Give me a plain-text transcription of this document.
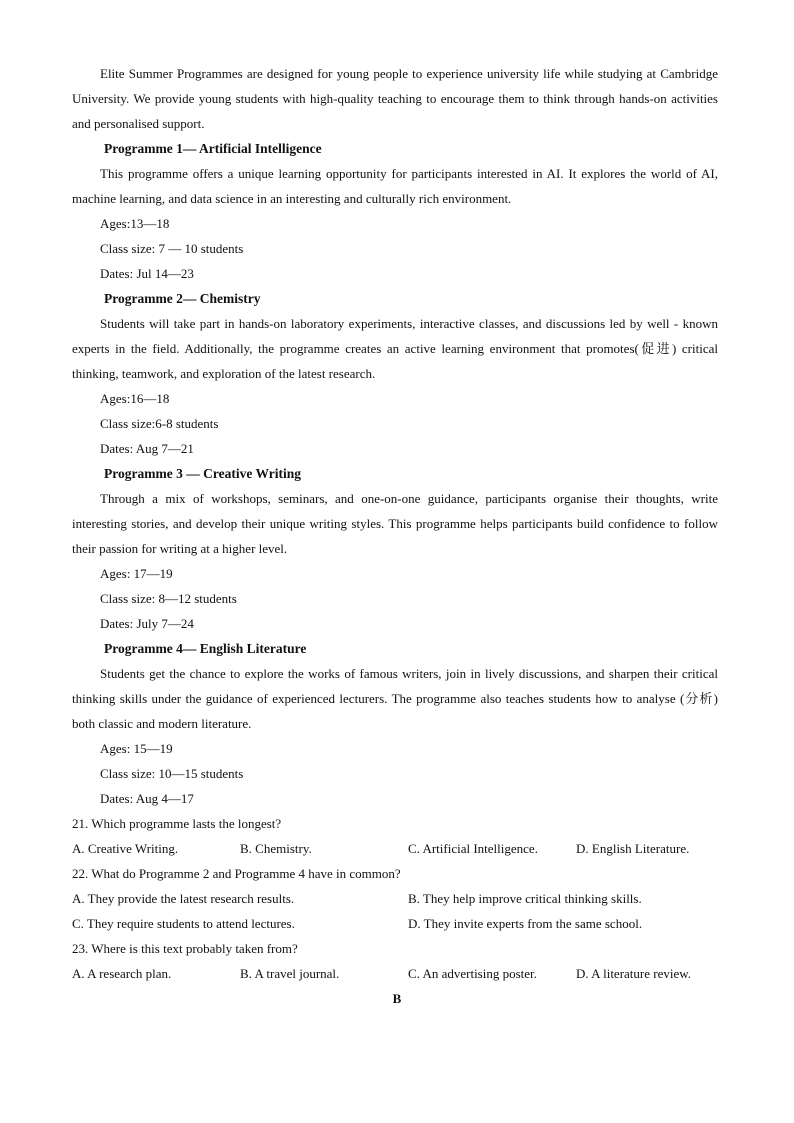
Elite Summer Programmes are designed for young people to experience university life while studying at Cambridge University. We provide young students with high-quality teaching to encourage them to think through hands-on activities and personalised support.

Programme 1— Artificial Intelligence

This programme offers a unique learning opportunity for participants interested in AI. It explores the world of AI, machine learning, and data science in an interesting and culturally rich environment.

Ages:13—18
Class size: 7 — 10 students
Dates: Jul 14—23
Programme 2— Chemistry

Students will take part in hands-on laboratory experiments, interactive classes, and discussions led by well - known experts in the field. Additionally, the programme creates an active learning environment that promotes(促进) critical thinking, teamwork, and exploration of the latest research.

Ages:16—18
Class size:6-8 students
Dates: Aug 7—21
Programme 3 — Creative Writing

Through a mix of workshops, seminars, and one-on-one guidance, participants organise their thoughts, write interesting stories, and develop their unique writing styles. This programme helps participants build confidence to follow their passion for writing at a higher level.

Ages: 17—19
Class size: 8—12 students
Dates: July 7—24
Programme 4— English Literature

Students get the chance to explore the works of famous writers, join in lively discussions, and sharpen their critical thinking skills under the guidance of experienced lecturers. The programme also teaches students how to analyse (分析) both classic and modern literature.

Ages: 15—19
Class size: 10—15 students
Dates: Aug 4—17
21. Which programme lasts the longest?
A. Creative Writing.	B. Chemistry.	C. Artificial Intelligence.	D. English Literature.
22. What do Programme 2 and Programme 4 have in common?
A. They provide the latest research results.	B. They help improve critical thinking skills.
C. They require students to attend lectures.	D. They invite experts from the same school.
23. Where is this text probably taken from?
A. A research plan.	B. A travel journal.	C. An advertising poster.	D. A literature review.
B
